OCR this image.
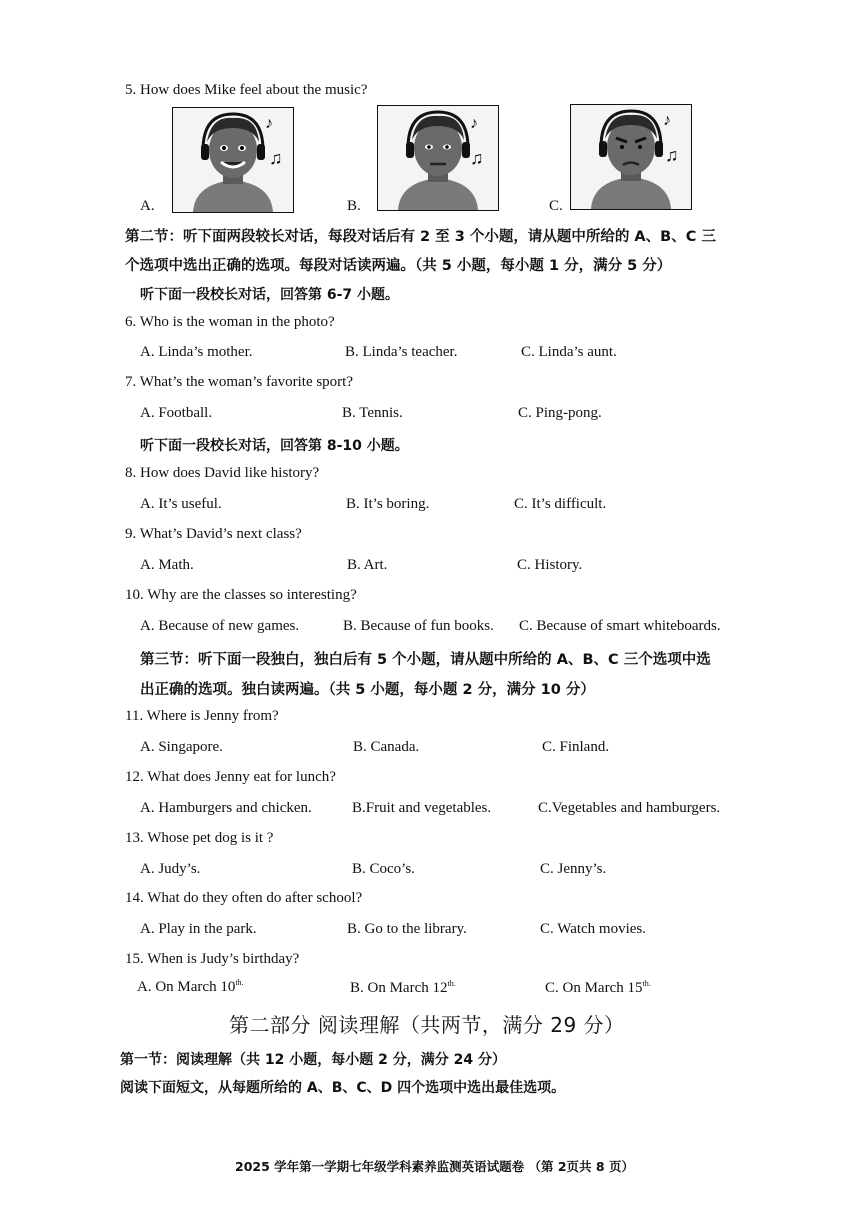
5. How does Mike feel about the music?
A.
♪
♫
B.
♪
♫
C.
♪
♫
第二节：听下面两段较长对话，每段对话后有 2 至 3 个小题，请从题中所给的 A、B、C 三
个选项中选出正确的选项。每段对话读两遍。（共 5 小题，每小题 1 分，满分 5 分）
听下面一段校长对话，回答第 6-7 小题。
6. Who is the woman in the photo?
A. Linda’s mother.	B. Linda’s teacher.	C. Linda’s aunt.
7. What’s the woman’s favorite sport?
A. Football.	B. Tennis.	C. Ping-pong.
听下面一段校长对话，回答第 8-10 小题。
8. How does David like history?
A. It’s useful.	B. It’s boring.	C. It’s difficult.
9. What’s David’s next class?
A. Math.	B. Art.	C. History.
10. Why are the classes so interesting?
A. Because of new games.	B. Because of fun books. C. Because of smart whiteboards.
第三节：听下面一段独白，独白后有 5 个小题，请从题中所给的 A、B、C 三个选项中选
出正确的选项。独白读两遍。（共 5 小题，每小题 2 分，满分 10 分）
11. Where is Jenny from?
A. Singapore.	B. Canada.	C. Finland.
12. What does Jenny eat for lunch?
A. Hamburgers and chicken.	B.Fruit and vegetables.	C.Vegetables and hamburgers.
13. Whose pet dog is it ?
A. Judy’s.	B. Coco’s.	C. Jenny’s.
14. What do they often do after school?
A. Play in the park.	B. Go to the library.	C. Watch movies.
15. When is Judy’s birthday?
A. On March $10^{th.}$	B. On March $12^{th.}$	C. On March $15^{th.}$
第二部分 阅读理解（共两节，满分 29 分）
第一节：阅读理解（共 12 小题，每小题 2 分，满分 24 分）
阅读下面短文，从每题所给的 A、B、C、D 四个选项中选出最佳选项。
2025 学年第一学期七年级学科素养监测英语试题卷 （第 2页共 8 页）
